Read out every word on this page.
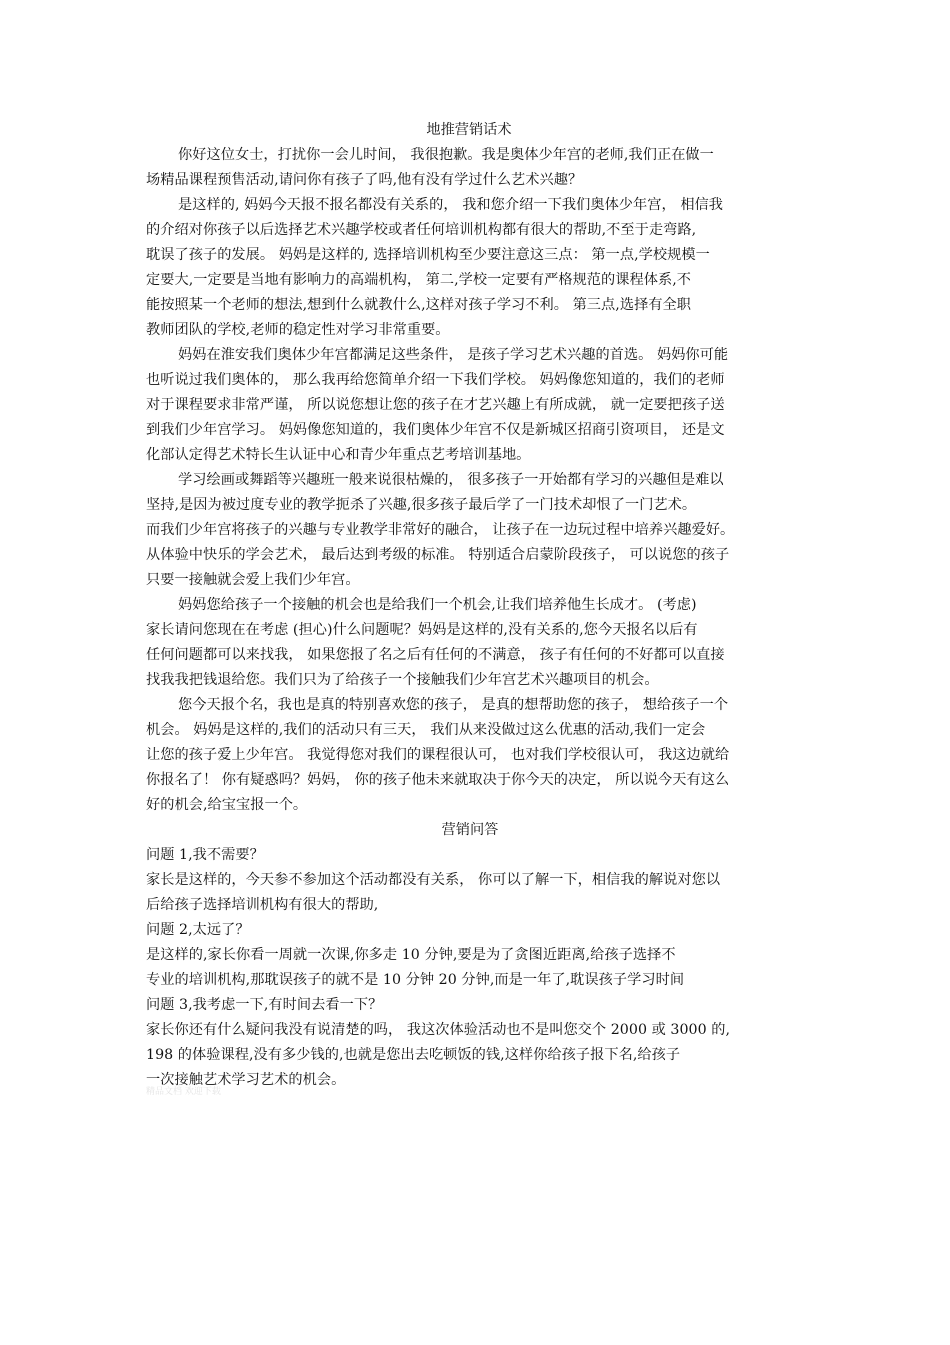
地推营销话术
你好这位女士，打扰你一会儿时间， 我很抱歉。我是奥体少年宫的老师,我们正在做一
场精品课程预售活动,请问你有孩子了吗,他有没有学过什么艺术兴趣？
是这样的, 妈妈今天报不报名都没有关系的， 我和您介绍一下我们奥体少年宫， 相信我
的介绍对你孩子以后选择艺术兴趣学校或者任何培训机构都有很大的帮助,不至于走弯路,
耽误了孩子的发展。 妈妈是这样的, 选择培训机构至少要注意这三点： 第一点,学校规模一
定要大,一定要是当地有影响力的高端机构， 第二,学校一定要有严格规范的课程体系,不
能按照某一个老师的想法,想到什么就教什么,这样对孩子学习不利。 第三点,选择有全职
教师团队的学校,老师的稳定性对学习非常重要。
妈妈在淮安我们奥体少年宫都满足这些条件， 是孩子学习艺术兴趣的首选。 妈妈你可能
也听说过我们奥体的， 那么我再给您简单介绍一下我们学校。 妈妈像您知道的，我们的老师
对于课程要求非常严谨， 所以说您想让您的孩子在才艺兴趣上有所成就， 就一定要把孩子送
到我们少年宫学习。 妈妈像您知道的，我们奥体少年宫不仅是新城区招商引资项目， 还是文
化部认定得艺术特长生认证中心和青少年重点艺考培训基地。
学习绘画或舞蹈等兴趣班一般来说很枯燥的， 很多孩子一开始都有学习的兴趣但是难以
坚持,是因为被过度专业的教学扼杀了兴趣,很多孩子最后学了一门技术却恨了一门艺术。
而我们少年宫将孩子的兴趣与专业教学非常好的融合， 让孩子在一边玩过程中培养兴趣爱好。
从体验中快乐的学会艺术， 最后达到考级的标准。 特别适合启蒙阶段孩子， 可以说您的孩子
只要一接触就会爱上我们少年宫。
妈妈您给孩子一个接触的机会也是给我们一个机会,让我们培养他生长成才。 (考虑)
家长请问您现在在考虑 (担心)什么问题呢？妈妈是这样的,没有关系的,您今天报名以后有
任何问题都可以来找我， 如果您报了名之后有任何的不满意， 孩子有任何的不好都可以直接
找我我把钱退给您。我们只为了给孩子一个接触我们少年宫艺术兴趣项目的机会。
您今天报个名，我也是真的特别喜欢您的孩子， 是真的想帮助您的孩子， 想给孩子一个
机会。 妈妈是这样的,我们的活动只有三天， 我们从来没做过这么优惠的活动,我们一定会
让您的孩子爱上少年宫。 我觉得您对我们的课程很认可， 也对我们学校很认可， 我这边就给
你报名了！ 你有疑惑吗？妈妈， 你的孩子他未来就取决于你今天的决定， 所以说今天有这么
好的机会,给宝宝报一个。
营销问答
问题 1,我不需要？
家长是这样的，今天参不参加这个活动都没有关系， 你可以了解一下，相信我的解说对您以
后给孩子选择培训机构有很大的帮助,
问题 2,太远了？
是这样的,家长你看一周就一次课,你多走 10 分钟,要是为了贪图近距离,给孩子选择不
专业的培训机构,那耽误孩子的就不是 10 分钟 20 分钟,而是一年了,耽误孩子学习时间
问题 3,我考虑一下,有时间去看一下？
家长你还有什么疑问我没有说清楚的吗， 我这次体验活动也不是叫您交个 2000 或 3000 的,
198 的体验课程,没有多少钱的,也就是您出去吃顿饭的钱,这样你给孩子报下名,给孩子
一次接触艺术学习艺术的机会。
精品文档 欢迎下载
